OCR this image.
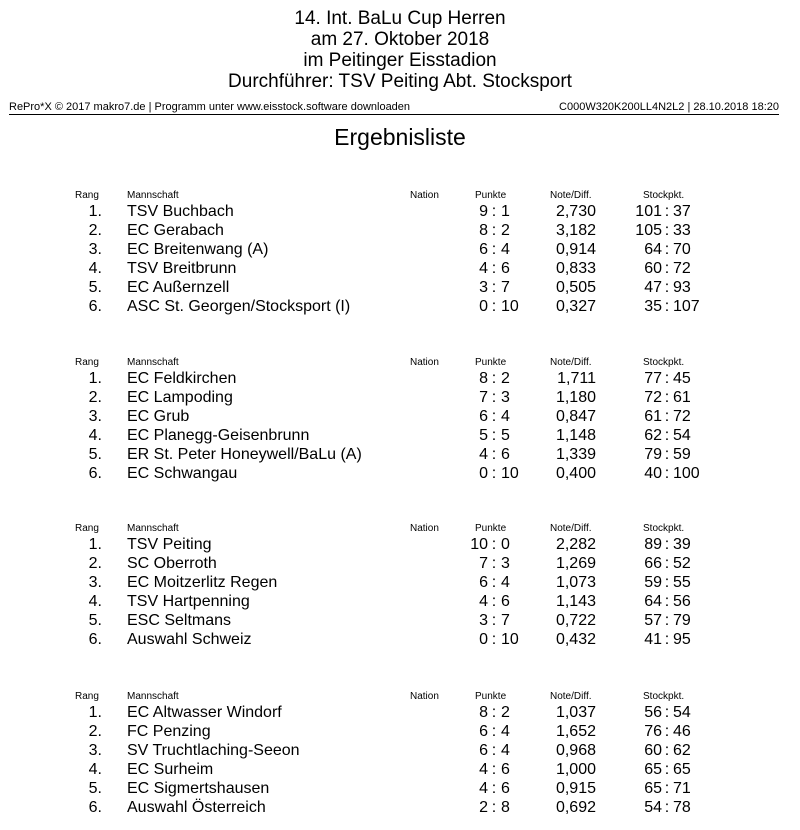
14. Int. BaLu Cup Herren
am 27. Oktober 2018
im Peitinger Eisstadion
Durchführer: TSV Peiting Abt. Stocksport
RePro*X © 2017 makro7.de | Programm unter www.eisstock.software downloaden	C000W320K200LL4N2L2 | 28.10.2018 18:20
Ergebnisliste
Rang	Mannschaft	Nation	Punkte	Note/Diff.	Stockpkt.
1. TSV Buchbach	9 : 1	2,730	101 : 37
2. EC Gerabach	8 : 2	3,182	105 : 33
3. EC Breitenwang (A)	6 : 4	0,914	64 : 70
4. TSV Breitbrunn	4 : 6	0,833	60 : 72
5. EC Außernzell	3 : 7	0,505	47 : 93
6. ASC St. Georgen/Stocksport (I)	0 : 10 0,327	35 : 107
Rang	Mannschaft	Nation	Punkte	Note/Diff.	Stockpkt.
1. EC Feldkirchen	8 : 2	1,711	77 : 45
2. EC Lampoding	7 : 3	1,180	72 : 61
3. EC Grub	6 : 4	0,847	61 : 72
4. EC Planegg-Geisenbrunn	5 : 5	1,148	62 : 54
5. ER St. Peter Honeywell/BaLu (A)	4 : 6	1,339	79 : 59
6. EC Schwangau	0 : 10 0,400	40 : 100
Rang	Mannschaft	Nation	Punkte	Note/Diff.	Stockpkt.
1. TSV Peiting	10 : 0	2,282	89 : 39
2. SC Oberroth	7 : 3	1,269	66 : 52
3. EC Moitzerlitz Regen	6 : 4	1,073	59 : 55
4. TSV Hartpenning	4 : 6	1,143	64 : 56
5. ESC Seltmans	3 : 7	0,722	57 : 79
6. Auswahl Schweiz	0 : 10 0,432	41 : 95
Rang	Mannschaft	Nation	Punkte	Note/Diff.	Stockpkt.
1. EC Altwasser Windorf	8 : 2	1,037	56 : 54
2. FC Penzing	6 : 4	1,652	76 : 46
3. SV Truchtlaching-Seeon	6 : 4	0,968	60 : 62
4. EC Surheim	4 : 6	1,000	65 : 65
5. EC Sigmertshausen	4 : 6	0,915	65 : 71
6. Auswahl Österreich	2 : 8	0,692	54 : 78
